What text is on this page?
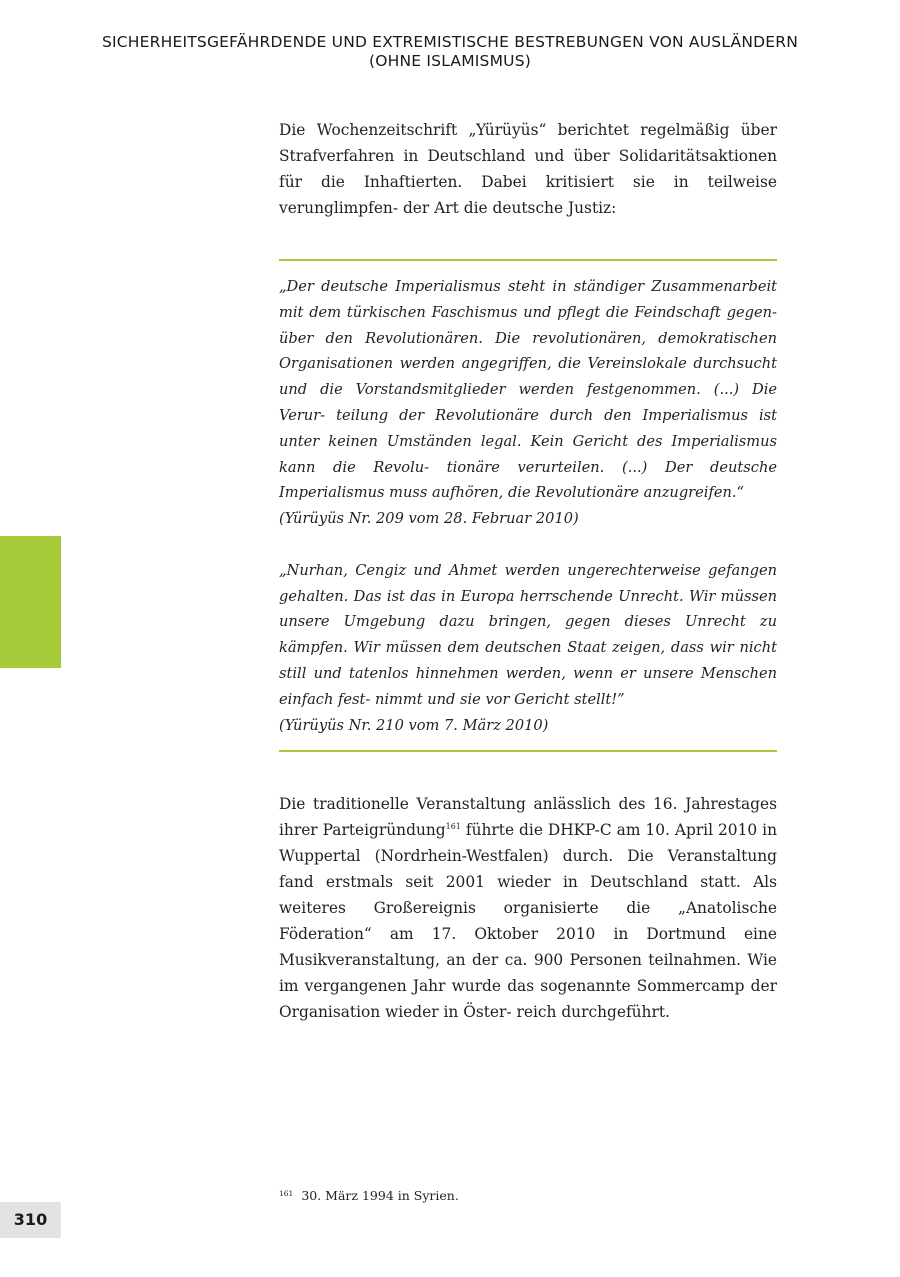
SICHERHEITSGEFÄHRDENDE UND EXTREMISTISCHE BESTREBUNGEN VON AUSLÄNDERN
(OHNE ISLAMISMUS)

Die Wochenzeitschrift „Yürüyüs“ berichtet regelmäßig über Strafverfahren in Deutschland und über Solidaritätsaktionen für die Inhaftierten. Dabei kritisiert sie in teilweise verunglimpfen- der Art die deutsche Justiz:

„Der deutsche Imperialismus steht in ständiger Zusammenarbeit mit dem türkischen Faschismus und pflegt die Feindschaft gegen- über den Revolutionären. Die revolutionären, demokratischen Organisationen werden angegriffen, die Vereinslokale durchsucht und die Vorstandsmitglieder werden festgenommen. (...) Die Verur- teilung der Revolutionäre durch den Imperialismus ist unter keinen Umständen legal. Kein Gericht des Imperialismus kann die Revolu- tionäre verurteilen. (...) Der deutsche Imperialismus muss aufhören, die Revolutionäre anzugreifen.“

(Yürüyüs Nr. 209 vom 28. Februar 2010)

„Nurhan, Cengiz und Ahmet werden ungerechterweise gefangen gehalten. Das ist das in Europa herrschende Unrecht. Wir müssen unsere Umgebung dazu bringen, gegen dieses Unrecht zu kämpfen. Wir müssen dem deutschen Staat zeigen, dass wir nicht still und tatenlos hinnehmen werden, wenn er unsere Menschen einfach fest- nimmt und sie vor Gericht stellt!”

(Yürüyüs Nr. 210 vom 7. März 2010)

Die traditionelle Veranstaltung anlässlich des 16. Jahrestages ihrer Parteigründung$^{161}$ führte die DHKP-C am 10. April 2010 in Wuppertal (Nordrhein-Westfalen) durch. Die Veranstaltung fand erstmals seit 2001 wieder in Deutschland statt. Als weiteres Großereignis organisierte die „Anatolische Föderation“ am 17. Oktober 2010 in Dortmund eine Musikveranstaltung, an der ca. 900 Personen teilnahmen. Wie im vergangenen Jahr wurde das sogenannte Sommercamp der Organisation wieder in Öster- reich durchgeführt.

$^{161}$ 30. März 1994 in Syrien.
310
